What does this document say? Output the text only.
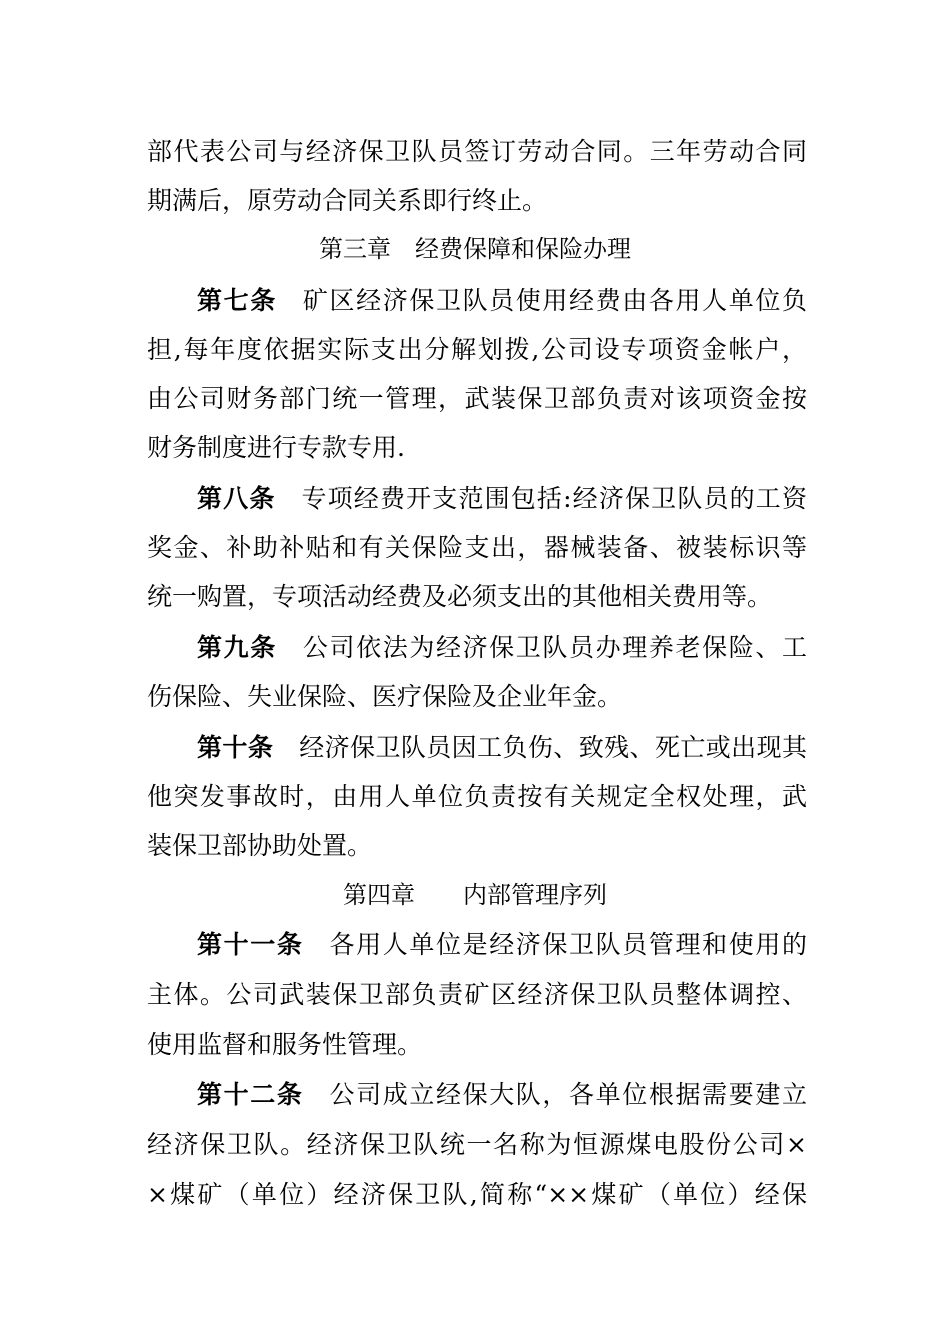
部代表公司与经济保卫队员签订劳动合同。三年劳动合同
期满后，原劳动合同关系即行终止。
第三章　经费保障和保险办理
第七条 矿区经济保卫队员使用经费由各用人单位负
担,每年度依据实际支出分解划拨,公司设专项资金帐户，
由公司财务部门统一管理，武装保卫部负责对该项资金按
财务制度进行专款专用.
第八条 专项经费开支范围包括:经济保卫队员的工资
奖金、补助补贴和有关保险支出，器械装备、被装标识等
统一购置，专项活动经费及必须支出的其他相关费用等。
第九条 公司依法为经济保卫队员办理养老保险、工
伤保险、失业保险、医疗保险及企业年金。
第十条 经济保卫队员因工负伤、致残、死亡或出现其
他突发事故时，由用人单位负责按有关规定全权处理，武
装保卫部协助处置。
第四章　　内部管理序列
第十一条 各用人单位是经济保卫队员管理和使用的
主体。公司武装保卫部负责矿区经济保卫队员整体调控、
使用监督和服务性管理。
第十二条 公司成立经保大队，各单位根据需要建立
经济保卫队。经济保卫队统一名称为恒源煤电股份公司×
×煤矿（单位）经济保卫队,简称“××煤矿（单位）经保
